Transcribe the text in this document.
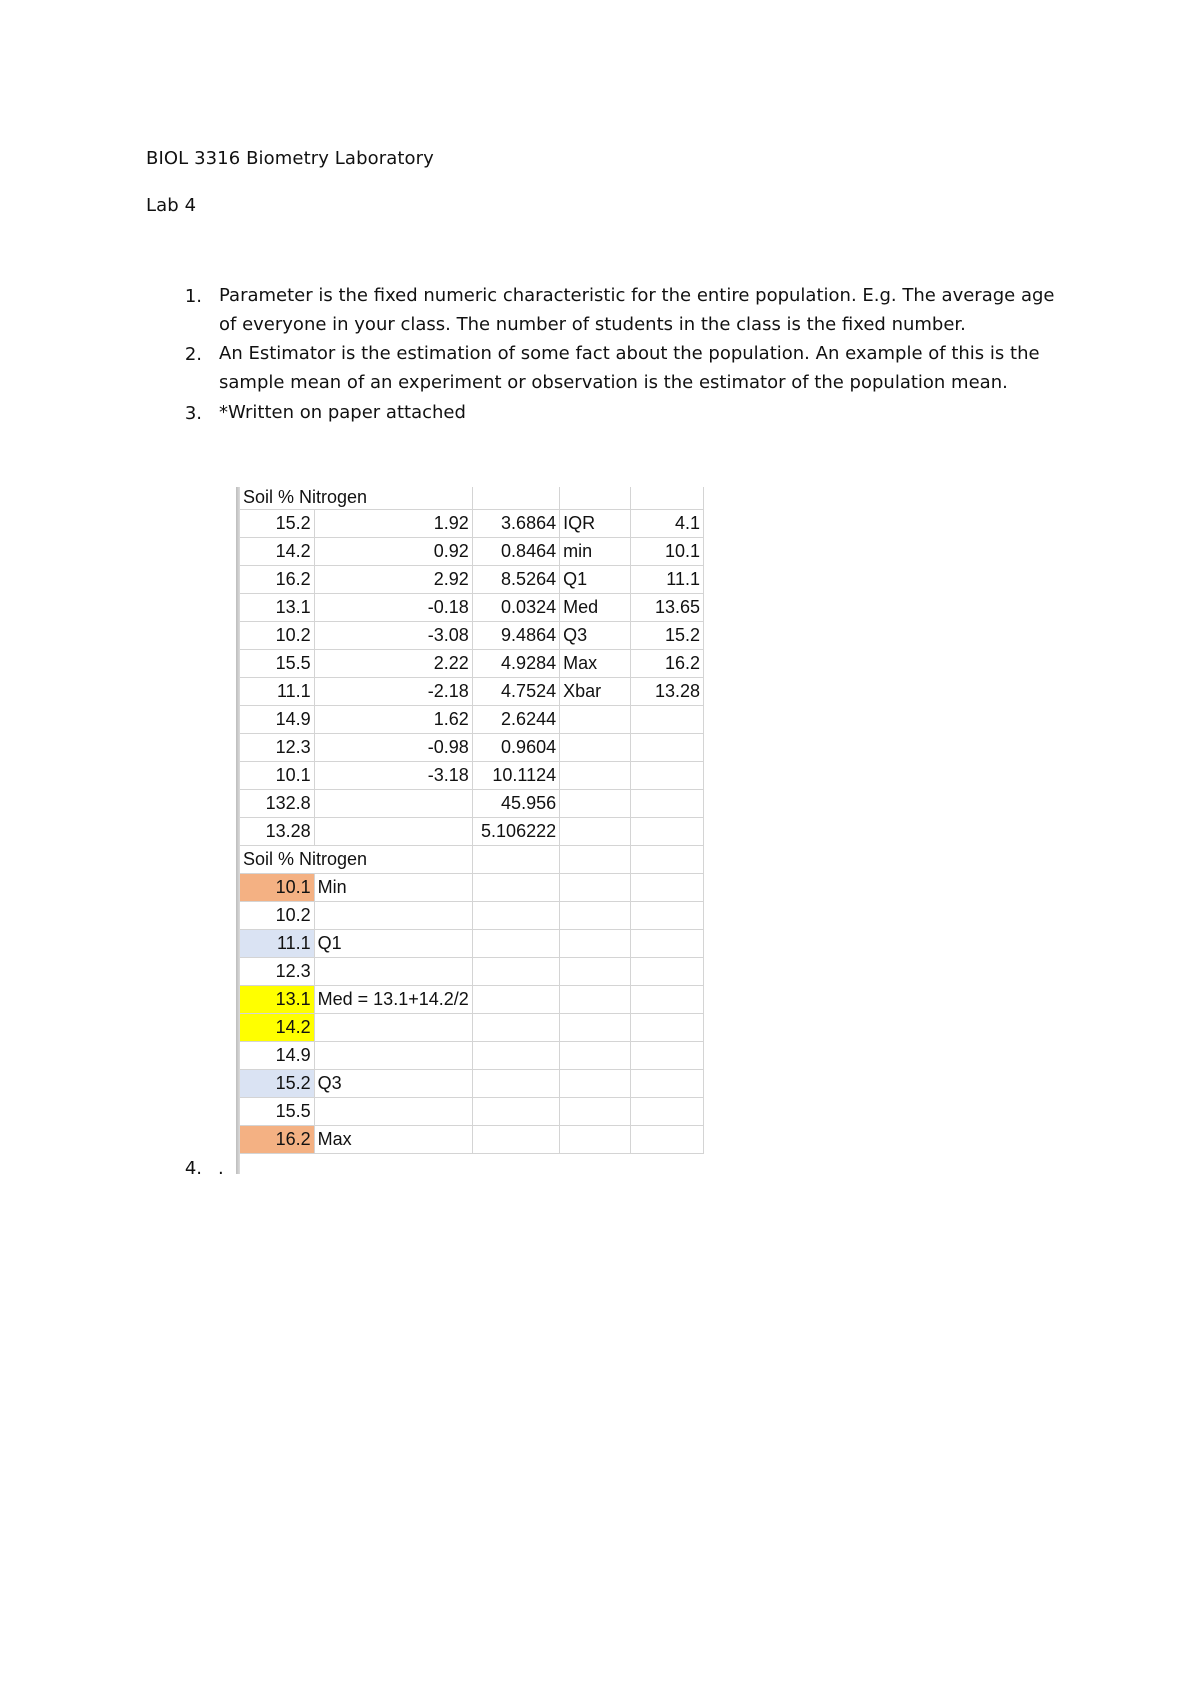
BIOL 3316 Biometry Laboratory
Lab 4
1. Parameter is the fixed numeric characteristic for the entire population. E.g. The average age of everyone in your class. The number of students in the class is the fixed number.
2. An Estimator is the estimation of some fact about the population. An example of this is the sample mean of an experiment or observation is the estimator of the population mean.
3. *Written on paper attached
4. .
Soil % Nitrogen				
15.2	1.92	3.6864	IQR	4.1
14.2	0.92	0.8464	min	10.1
16.2	2.92	8.5264	Q1	11.1
13.1	-0.18	0.0324	Med	13.65
10.2	-3.08	9.4864	Q3	15.2
15.5	2.22	4.9284	Max	16.2
11.1	-2.18	4.7524	Xbar	13.28
14.9	1.62	2.6244		
12.3	-0.98	0.9604		
10.1	-3.18	10.1124		
132.8		45.956		
13.28		5.106222		
Soil % Nitrogen				
10.1	Min			
10.2				
11.1	Q1			
12.3				
13.1	Med = 13.1+14.2/2			
14.2				
14.9				
15.2	Q3			
15.5				
16.2	Max			
